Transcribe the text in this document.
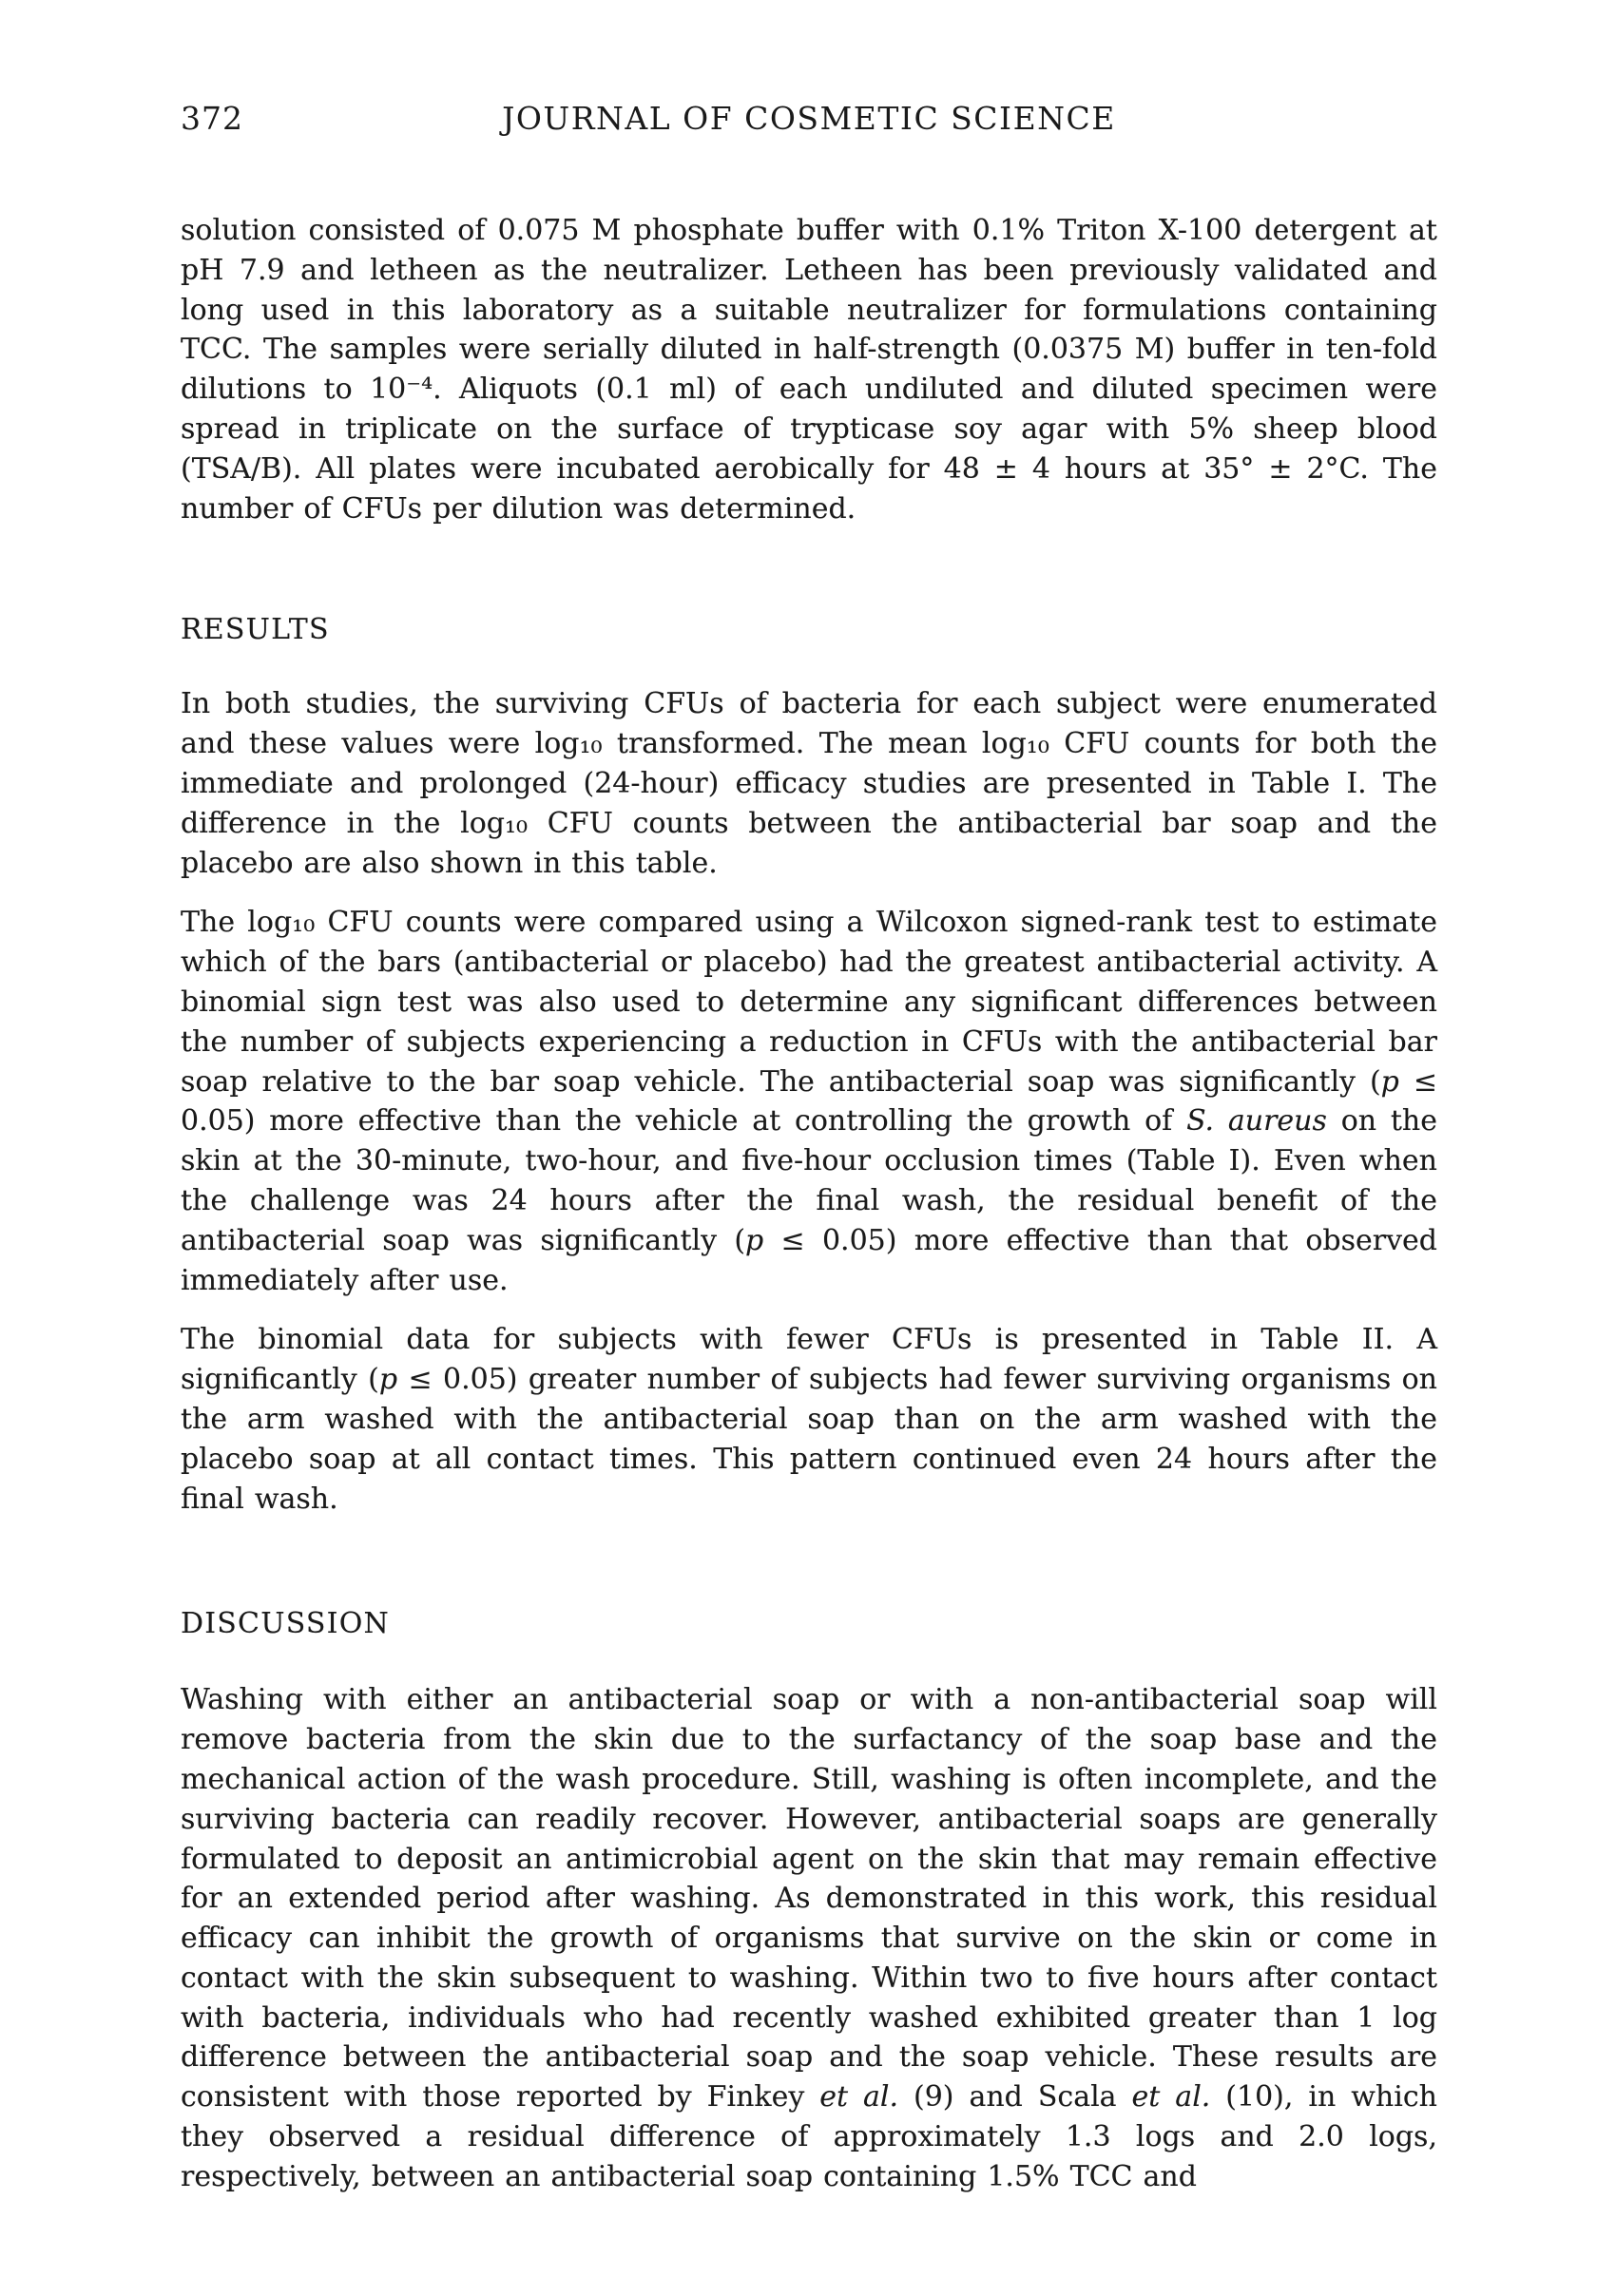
372	JOURNAL OF COSMETIC SCIENCE

solution consisted of 0.075 M phosphate buffer with 0.1% Triton X-100 detergent at pH 7.9 and letheen as the neutralizer. Letheen has been previously validated and long used in this laboratory as a suitable neutralizer for formulations containing TCC. The samples were serially diluted in half-strength (0.0375 M) buffer in ten-fold dilutions to 10⁻⁴. Aliquots (0.1 ml) of each undiluted and diluted specimen were spread in triplicate on the surface of trypticase soy agar with 5% sheep blood (TSA/B). All plates were incubated aerobically for 48 ± 4 hours at 35° ± 2°C. The number of CFUs per dilution was determined.

RESULTS

In both studies, the surviving CFUs of bacteria for each subject were enumerated and these values were log₁₀ transformed. The mean log₁₀ CFU counts for both the immediate and prolonged (24-hour) efficacy studies are presented in Table I. The difference in the log₁₀ CFU counts between the antibacterial bar soap and the placebo are also shown in this table.

The log₁₀ CFU counts were compared using a Wilcoxon signed-rank test to estimate which of the bars (antibacterial or placebo) had the greatest antibacterial activity. A binomial sign test was also used to determine any significant differences between the number of subjects experiencing a reduction in CFUs with the antibacterial bar soap relative to the bar soap vehicle. The antibacterial soap was significantly (p ≤ 0.05) more effective than the vehicle at controlling the growth of S. aureus on the skin at the 30-minute, two-hour, and five-hour occlusion times (Table I). Even when the challenge was 24 hours after the final wash, the residual benefit of the antibacterial soap was significantly (p ≤ 0.05) more effective than that observed immediately after use.

The binomial data for subjects with fewer CFUs is presented in Table II. A significantly (p ≤ 0.05) greater number of subjects had fewer surviving organisms on the arm washed with the antibacterial soap than on the arm washed with the placebo soap at all contact times. This pattern continued even 24 hours after the final wash.

DISCUSSION

Washing with either an antibacterial soap or with a non-antibacterial soap will remove bacteria from the skin due to the surfactancy of the soap base and the mechanical action of the wash procedure. Still, washing is often incomplete, and the surviving bacteria can readily recover. However, antibacterial soaps are generally formulated to deposit an antimicrobial agent on the skin that may remain effective for an extended period after washing. As demonstrated in this work, this residual efficacy can inhibit the growth of organisms that survive on the skin or come in contact with the skin subsequent to washing. Within two to five hours after contact with bacteria, individuals who had recently washed exhibited greater than 1 log difference between the antibacterial soap and the soap vehicle. These results are consistent with those reported by Finkey et al. (9) and Scala et al. (10), in which they observed a residual difference of approximately 1.3 logs and 2.0 logs, respectively, between an antibacterial soap containing 1.5% TCC and
